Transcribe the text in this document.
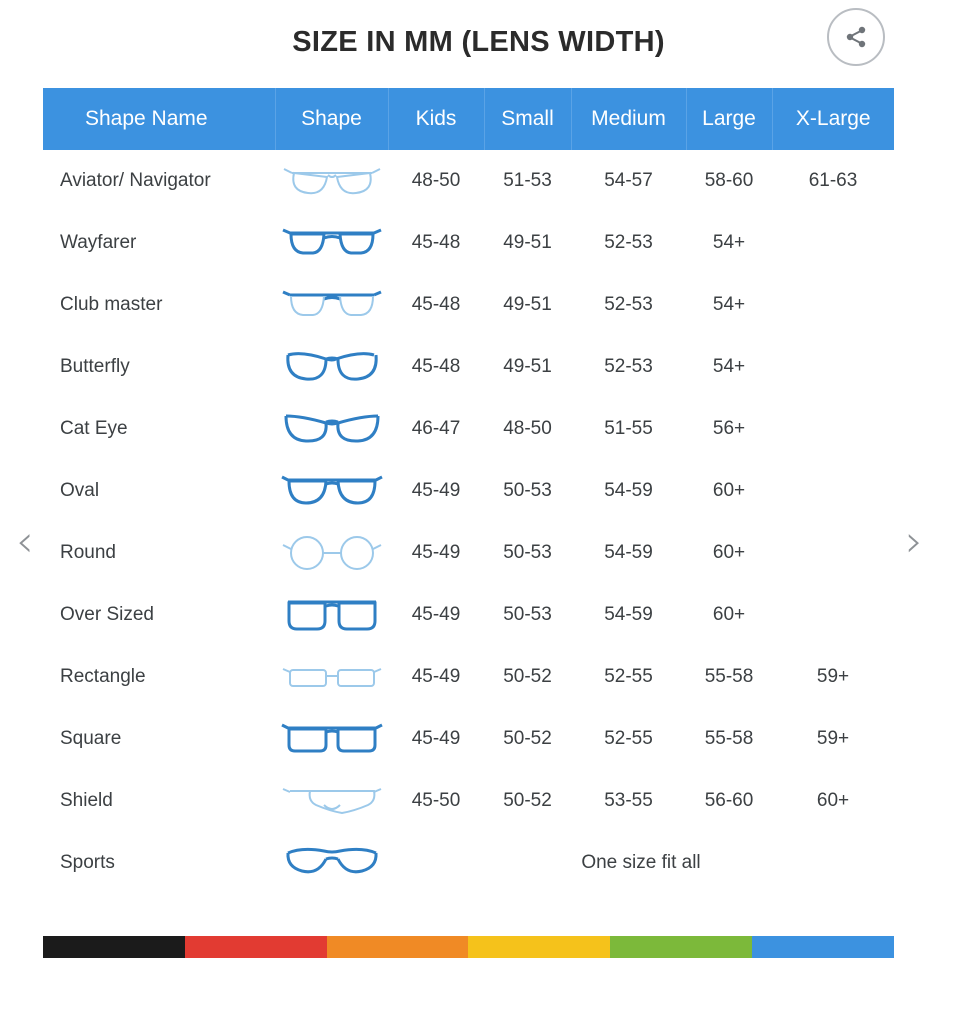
SIZE IN MM (LENS WIDTH)
‹	›
Shape Name	Shape	Kids	Small	Medium	Large	X-Large
Aviator/ Navigator		48-50	51-53	54-57	58-60	61-63
Wayfarer		45-48	49-51	52-53	54+	
Club master		45-48	49-51	52-53	54+	
Butterfly		45-48	49-51	52-53	54+	
Cat Eye		46-47	48-50	51-55	56+	
Oval		45-49	50-53	54-59	60+	
Round		45-49	50-53	54-59	60+	
Over Sized		45-49	50-53	54-59	60+	
Rectangle		45-49	50-52	52-55	55-58	59+
Square		45-49	50-52	52-55	55-58	59+
Shield		45-50	50-52	53-55	56-60	60+
Sports		One size fit all				
